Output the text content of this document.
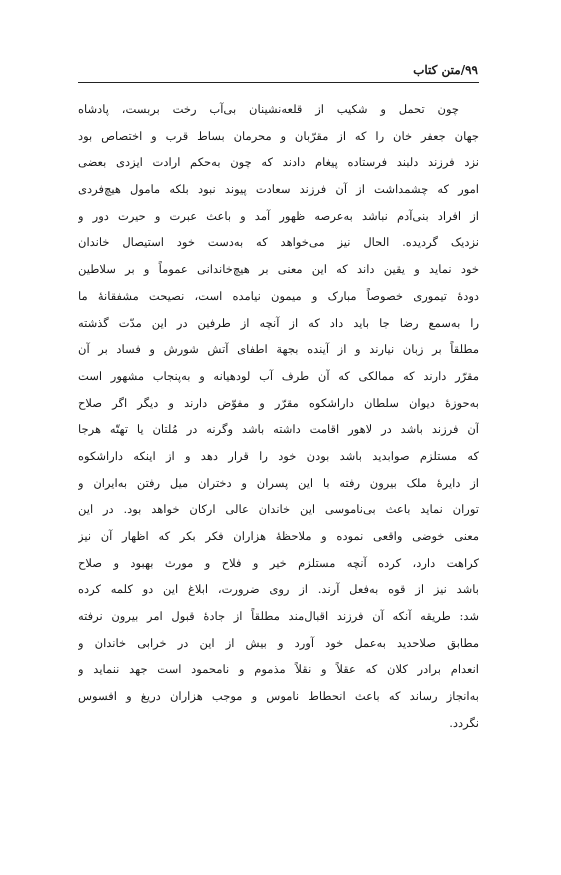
۹۹/متن کتاب
چون تحمل و شکیب از قلعه‌نشینان بی‌آب رخت بربست، پادشاه
جهان جعفر خان را که از مقرّبان و محرمان بساط قرب و اختصاص بود
نزد فرزند دلبند فرستاده پیغام دادند که چون به‌حکم ارادت ایزدی بعضی
امور که چشمداشت از آن فرزند سعادت پیوند نبود بلکه مامول هیچ‌فردی
از افراد بنی‌آدم نباشد به‌عرصه ظهور آمد و باعث عبرت و حیرت دور و
نزدیک گردیده. الحال نیز می‌خواهد که به‌دست خود استیصال خاندان
خود نماید و یقین داند که این معنی بر هیچ‌خاندانی عموماً و بر سلاطین
دودهٔ تیموری خصوصاً مبارک و میمون نیامده است، نصیحت مشفقانهٔ ما
را به‌سمع رضا جا باید داد که از آنچه از طرفین در این مدّت گذشته
مطلقاً بر زبان نیارند و از آینده بجهة اطفای آتش شورش و فساد بر آن
مقرّر دارند که ممالکی که آن طرف آب لودهیانه و به‌پنجاب مشهور است
به‌حوزهٔ دیوان سلطان داراشکوه مقرّر و مفوّض دارند و دیگر اگر صلاح
آن فرزند باشد در لاهور اقامت داشته باشد وگرنه در مُلتان یا تهتّه هرجا
که مستلزم صوابدید باشد بودن خود را قرار دهد و از اینکه داراشکوه
از دایرهٔ ملک بیرون رفته با این پسران و دختران میل رفتن به‌ایران و
توران نماید باعث بی‌ناموسی این خاندان عالی ارکان خواهد بود. در این
معنی خوضی واقعی نموده و ملاحظهٔ هزاران فکر بکر که اظهار آن نیز
کراهت دارد، کرده آنچه مستلزم خیر و فلاح و مورث بهبود و صلاح
باشد نیز از قوه به‌فعل آرند. از روی ضرورت، ابلاغ این دو کلمه کرده
شد: طریقه آنکه آن فرزند اقبال‌مند مطلقاً از جادهٔ قبول امر بیرون نرفته
مطابق صلاحدید به‌عمل خود آورد و بیش از این در خرابی خاندان و
انعدام برادر کلان که عقلاً و نقلاً مذموم و نامحمود است جهد ننماید و
به‌انجاز رساند که باعث انحطاط ناموس و موجب هزاران دریغ و افسوس
نگردد.
